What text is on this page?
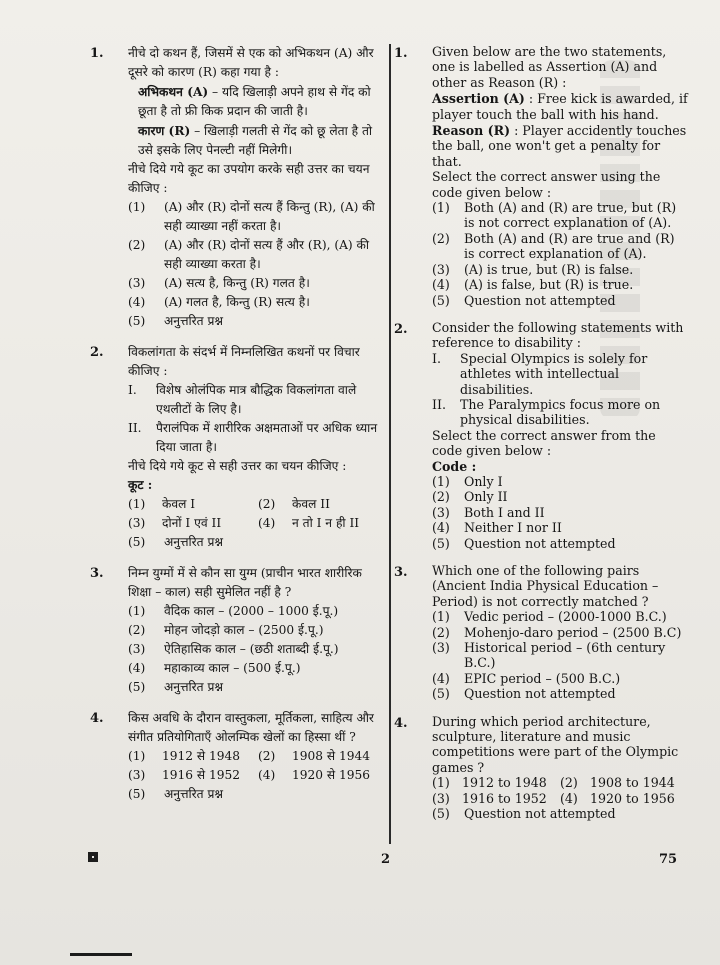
1. नीचे दो कथन हैं, जिसमें से एक को अभिकथन (A) और दूसरे को कारण (R) कहा गया है :
अभिकथन (A) – यदि खिलाड़ी अपने हाथ से गेंद को छूता है तो फ्री किक प्रदान की जाती है।
कारण (R) – खिलाड़ी गलती से गेंद को छू लेता है तो उसे इसके लिए पेनल्टी नहीं मिलेगी।
नीचे दिये गये कूट का उपयोग करके सही उत्तर का चयन कीजिए :
(1)	(A) और (R) दोनों सत्य हैं किन्तु (R), (A) की सही व्याख्या नहीं करता है।
(2)	(A) और (R) दोनों सत्य हैं और (R), (A) की सही व्याख्या करता है।
(3)	(A) सत्य है, किन्तु (R) गलत है।
(4)	(A) गलत है, किन्तु (R) सत्य है।
(5)	अनुत्तरित प्रश्न
2. विकलांगता के संदर्भ में निम्नलिखित कथनों पर विचार कीजिए :
I.	विशेष ओलंपिक मात्र बौद्धिक विकलांगता वाले एथलीटों के लिए है।
II.	पैरालंपिक में शारीरिक अक्षमताओं पर अधिक ध्यान दिया जाता है।
नीचे दिये गये कूट से सही उत्तर का चयन कीजिए :
कूट :
(1)	केवल I	(2)	केवल II
(3)	दोनों I एवं II	(4)	न तो I न ही II
(5)	अनुत्तरित प्रश्न
3. निम्न युग्मों में से कौन सा युग्म (प्राचीन भारत शारीरिक शिक्षा – काल) सही सुमेलित नहीं है ?
(1)	वैदिक काल – (2000 – 1000 ई.पू.)
(2)	मोहन जोदड़ो काल – (2500 ई.पू.)
(3)	ऐतिहासिक काल – (छठी शताब्दी ई.पू.)
(4)	महाकाव्य काल – (500 ई.पू.)
(5)	अनुत्तरित प्रश्न
4. किस अवधि के दौरान वास्तुकला, मूर्तिकला, साहित्य और संगीत प्रतियोगिताएँ ओलम्पिक खेलों का हिस्सा थीं ?
(1)	1912 से 1948	(2)	1908 से 1944
(3)	1916 से 1952	(4)	1920 से 1956
(5)	अनुत्तरित प्रश्न
1. Given below are the two statements, one is labelled as Assertion (A) and other as Reason (R) :
Assertion (A) : Free kick is awarded, if player touch the ball with his hand.
Reason (R) : Player accidently touches the ball, one won't get a penalty for that.
Select the correct answer using the code given below :
(1)	Both (A) and (R) are true, but (R) is not correct explanation of (A).
(2)	Both (A) and (R) are true and (R) is correct explanation of (A).
(3)	(A) is true, but (R) is false.
(4)	(A) is false, but (R) is true.
(5)	Question not attempted
2. Consider the following statements with reference to disability :
I.	Special Olympics is solely for athletes with intellectual disabilities.
II.	The Paralympics focus more on physical disabilities.
Select the correct answer from the code given below :
Code :
(1)	Only I
(2)	Only II
(3)	Both I and II
(4)	Neither I nor II
(5)	Question not attempted
3. Which one of the following pairs (Ancient India Physical Education – Period) is not correctly matched ?
(1)	Vedic period – (2000-1000 B.C.)
(2)	Mohenjo-daro period – (2500 B.C)
(3)	Historical period – (6th century B.C.)
(4)	EPIC period – (500 B.C.)
(5)	Question not attempted
4. During which period architecture, sculpture, literature and music competitions were part of the Olympic games ?
(1) 1912 to 1948	(2) 1908 to 1944
(3) 1916 to 1952	(4) 1920 to 1956
(5)	Question not attempted
2	75
